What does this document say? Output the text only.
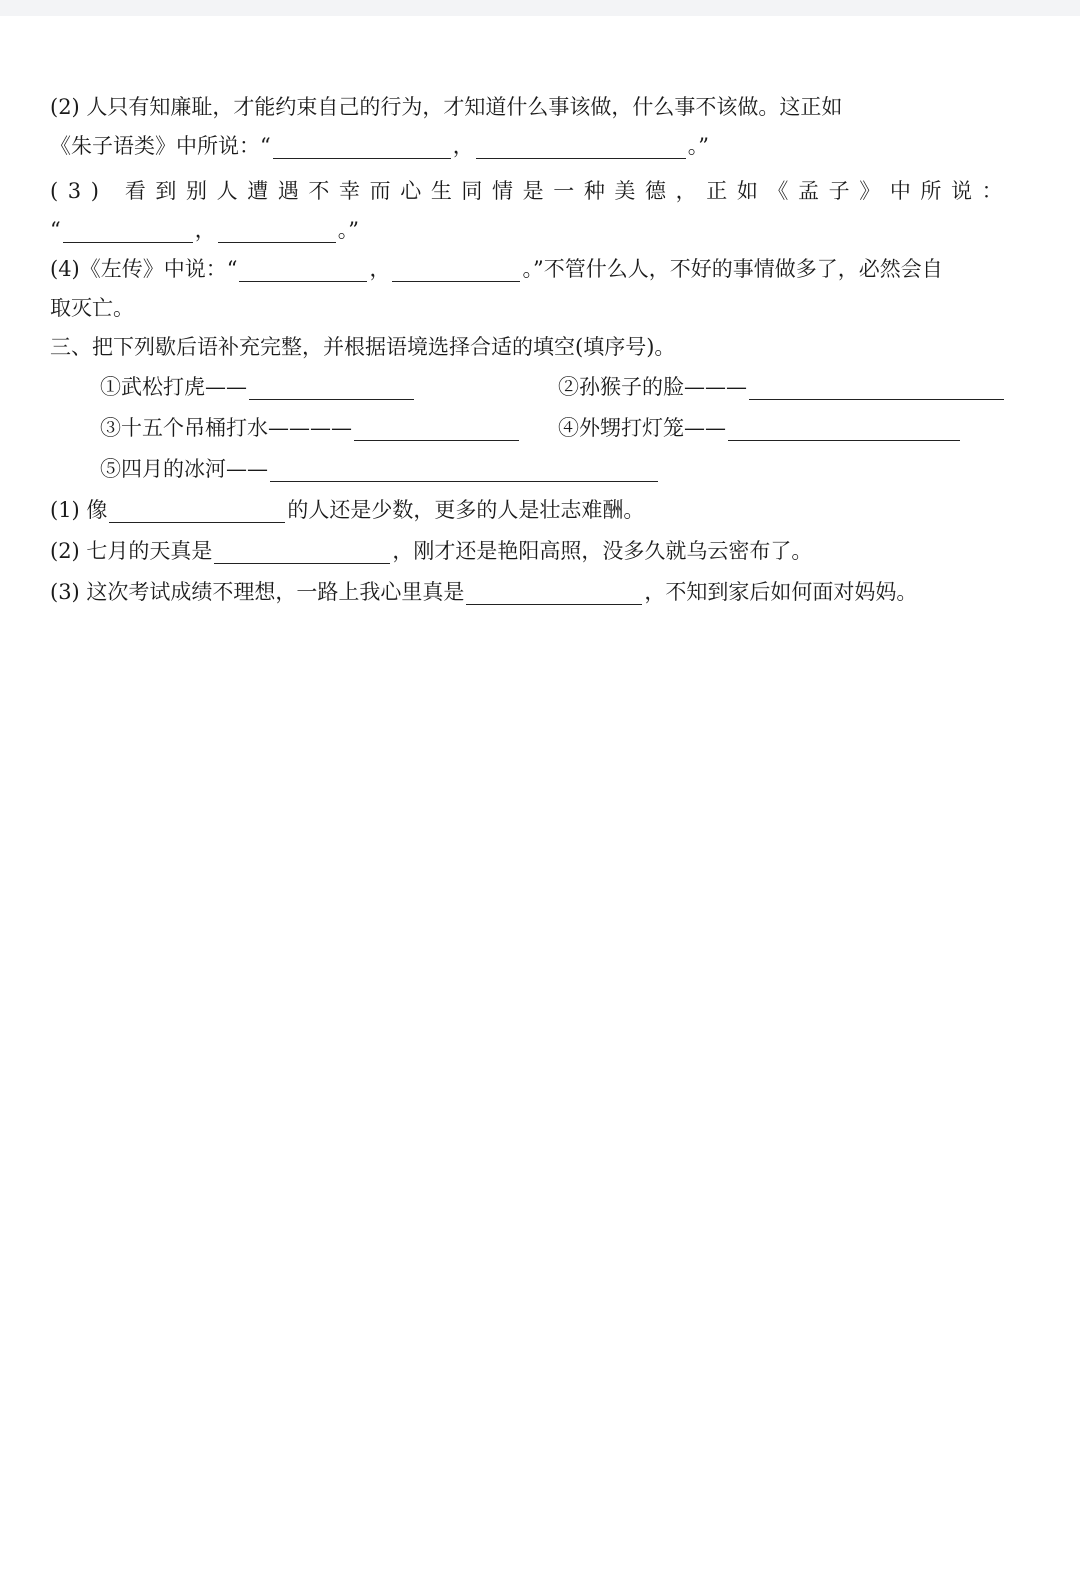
(2) 人只有知廉耻，才能约束自己的行为，才知道什么事该做，什么事不该做。这正如
《朱子语类》中所说：“	，	。”
(3) 看到别人遭遇不幸而心生同情是一种美德，正如《孟子》中所说：
“	，	。”
(4)《左传》中说：“	，	。”不管什么人，不好的事情做多了，必然会自
取灭亡。
三、把下列歇后语补充完整，并根据语境选择合适的填空(填序号)。
①武松打虎——	②孙猴子的脸———
③十五个吊桶打水————	④外甥打灯笼——
⑤四月的冰河——
(1) 像	的人还是少数，更多的人是壮志难酬。
(2) 七月的天真是	，刚才还是艳阳高照，没多久就乌云密布了。
(3) 这次考试成绩不理想，一路上我心里真是	，不知到家后如何面对妈妈。
